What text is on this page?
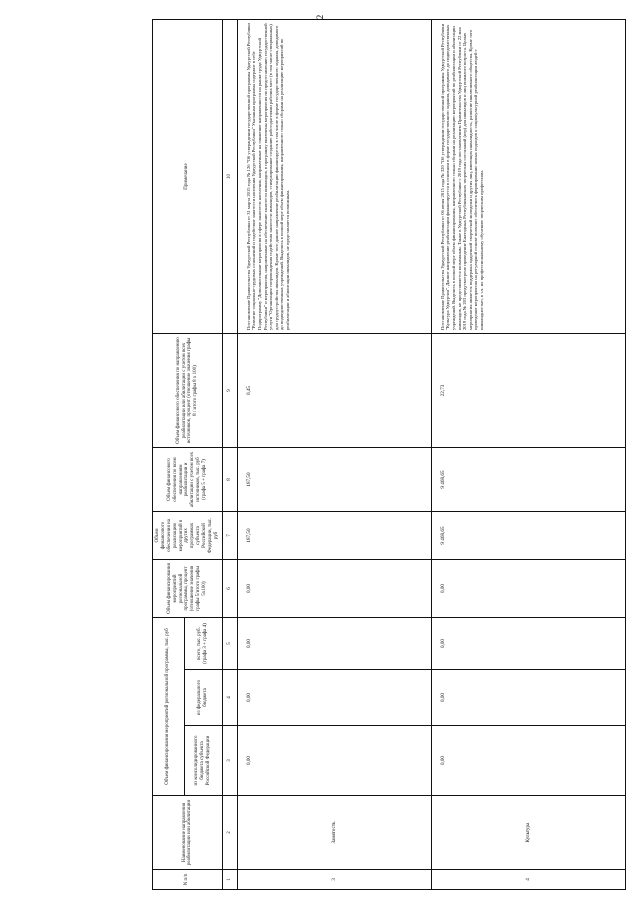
2
N п/п	Наименование направления реабилитации или абилитации	Объем финансирования мероприятий региональной программы, тыс. руб			Объем финансирования мероприятий региональной программы, процент (отношение значения графы 5/итого графы 5х100)	Объем финансового обеспечения на реализацию мероприятий в других программах субъекта Российской Федерации, тыс. руб	Объем финансового обеспечения по всем направлениям реабилитации и абилитации с учетом всех источников, тыс. руб (графа 5 + графа 7)	Объем финансового обеспечения по направлению реабилитации или абилитации с учетом всех источников, процент (отношение значения графы 8 / итого графы 8 х 100)	Примечание
		из консолидированного бюджета субъекта Российской Федерации	из федерального бюджета	всего, тыс. руб. (графа 3 + графа 4)					
1	2	3	4	5	6	7	8	9	10
3	Занятость	0,00	0,00	0,00	0,00	187,50	187,50	0,45	Постановление Правительства Удмуртской Республики от 31 марта 2015 года № 126 "Об утверждении государственной программы Удмуртской Республики "Развитие социально-трудовых отношений и содействие занятости населения Удмуртской Республики" Указанная программа содержит в себе Подпрограмму "Дополнительные мероприятия в сфере занятости населения, направленные на снижение напряженности на рынке труда Удмуртской Республики" и мероприятия, направленные на обеспечение занятости инвалидов, в программу включены мероприятия по предоставлению государственной услуги "Организация сопровождения содействия занятости инвалидов, стимулирование созданию работодателями рабочих мест (в том числе специальных) для трудоустройства инвалидов. Кроме того данное направление реабилитации финансируется в том числе в форме государственного задания, доводимого до подведомственных учреждений. Выделить в полной мере объем финансирования, направленного только сборами на реализацию мероприятий по реабилитации и абилитации инвалидов, не представляется возможным.
4	Культура	0,00	0,00	0,00	0,00	9 468,65	9 468,65	22,73	Постановление Правительства Удмуртской Республики от 06 июня 2015 года № 320 "Об утверждении государственной программы Удмуртской Республики "Культура Удмуртии". Данное направление реабилитации финансируется в основном в форме государственного задания, доводимого до подведомственных учреждений. Выделить в полной мере объем финансирования, направленного только сборами на реализацию мероприятий по реабилитации и абилитации инвалидов, не представляется возможным. Также в Удмуртской Республике с 2019 года постановлением Правительства Удмуртской Республики от 22 мая 2019 года № 203 предусмотрено проведение Ежегодных Республиканских творческих состязаний (игр) для инвалидов и лиц пожилого возраста. Целью мероприятия является поддержка одаренной творческой молодежи и других лиц, имеющих инвалидность, развитие инклюзивного общества. Кроме того проведение мероприятия на регулярной основе позволит обеспечить формирование новых подходов к социокультурной реабилитации людей с инвалидностью, в т.ч. их профессиональному обучению творческим профессиям.
